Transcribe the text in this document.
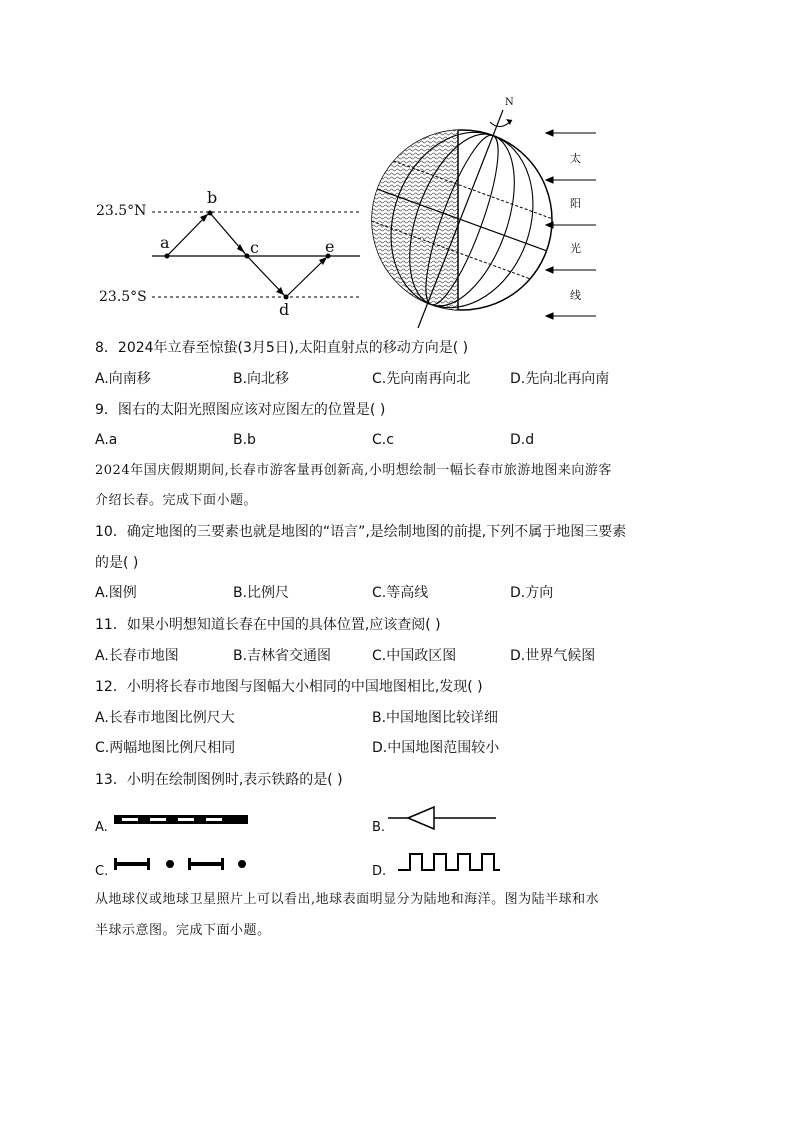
23.5°N
23.5°S
a
b
c
d
e
N
太
阳
光
线
8．2024年立春至惊蛰(3月5日),太阳直射点的移动方向是( )
A.向南移	B.向北移	C.先向南再向北	D.先向北再向南
9．图右的太阳光照图应该对应图左的位置是( )
A.a	B.b	C.c	D.d
2024年国庆假期期间,长春市游客量再创新高,小明想绘制一幅长春市旅游地图来向游客
介绍长春。完成下面小题。
10．确定地图的三要素也就是地图的“语言”,是绘制地图的前提,下列不属于地图三要素
的是( )
A.图例	B.比例尺	C.等高线	D.方向
11．如果小明想知道长春在中国的具体位置,应该查阅( )
A.长春市地图	B.吉林省交通图	C.中国政区图	D.世界气候图
12．小明将长春市地图与图幅大小相同的中国地图相比,发现( )
A.长春市地图比例尺大	B.中国地图比较详细
C.两幅地图比例尺相同	D.中国地图范围较小
13．小明在绘制图例时,表示铁路的是( )
A.	B.
C.	D.
从地球仪或地球卫星照片上可以看出,地球表面明显分为陆地和海洋。图为陆半球和水
半球示意图。完成下面小题。
